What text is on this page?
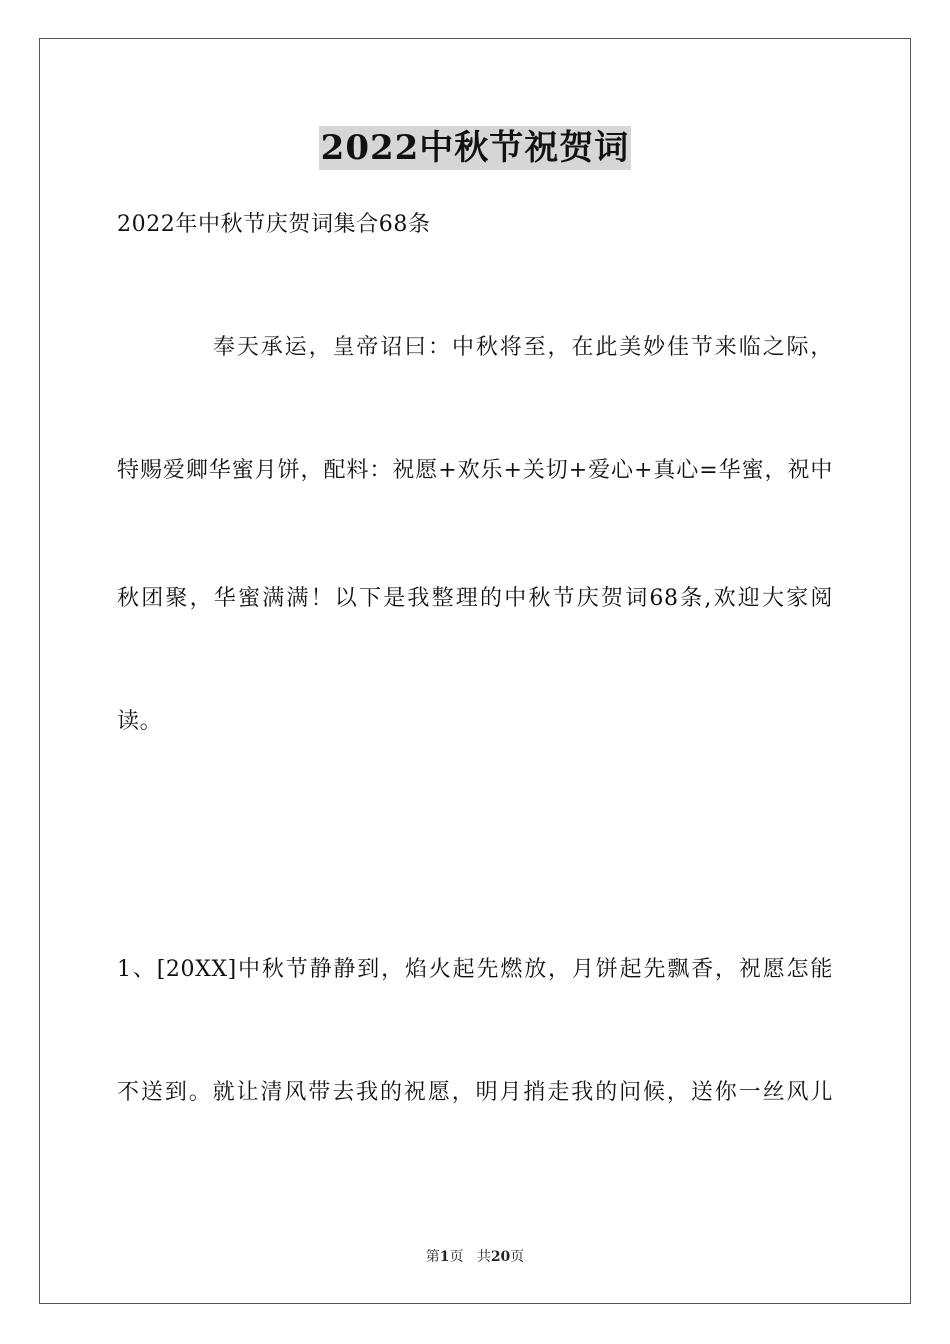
2022中秋节祝贺词
2022年中秋节庆贺词集合68条
奉天承运，皇帝诏曰：中秋将至，在此美妙佳节来临之际，
特赐爱卿华蜜月饼，配料：祝愿+欢乐+关切+爱心+真心=华蜜，祝中
秋团聚，华蜜满满！以下是我整理的中秋节庆贺词68条,欢迎大家阅
读。
1、[20XX]中秋节静静到，焰火起先燃放，月饼起先飘香，祝愿怎能
不送到。就让清风带去我的祝愿，明月捎走我的问候，送你一丝风儿
第1页 共20页
